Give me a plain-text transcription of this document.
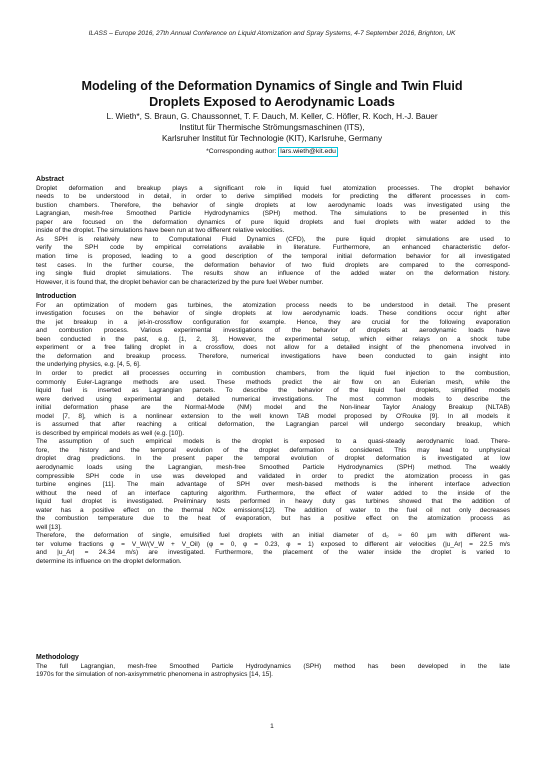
ILASS – Europe 2016, 27th Annual Conference on Liquid Atomization and Spray Systems, 4-7 September 2016, Brighton, UK
Modeling of the Deformation Dynamics of Single and Twin Fluid
Droplets Exposed to Aerodynamic Loads
L. Wieth*, S. Braun, G. Chaussonnet, T. F. Dauch, M. Keller, C. Höfler, R. Koch, H.-J. Bauer
Institut für Thermische Strömungsmaschinen (ITS),
Karlsruher Institut für Technologie (KIT), Karlsruhe, Germany
*Corresponding author: lars.wieth@kit.edu

Abstract

Droplet deformation and breakup plays a significant role in liquid fuel atomization processes. The droplet behavior
needs to be understood in detail, in order to derive simplified models for predicting the different processes in com-
bustion chambers. Therefore, the behavior of single droplets at low aerodynamic loads was investigated using the
Lagrangian, mesh-free Smoothed Particle Hydrodynamics (SPH) method. The simulations to be presented in this
paper are focused on the deformation dynamics of pure liquid droplets and fuel droplets with water added to the
inside of the droplet. The simulations have been run at two different relative velocities.
As SPH is relatively new to Computational Fluid Dynamics (CFD), the pure liquid droplet simulations are used to
verify the SPH code by empirical correlations available in literature. Furthermore, an enhanced characteristic defor-
mation time is proposed, leading to a good description of the temporal initial deformation behavior for all investigated
test cases. In the further course, the deformation behavior of two fluid droplets are compared to the correspond-
ing single fluid droplet simulations. The results show an influence of the added water on the deformation history.
However, it is found that, the droplet behavior can be characterized by the pure fuel Weber number.

Introduction

For an optimization of modern gas turbines, the atomization process needs to be understood in detail. The present
investigation focuses on the behavior of single droplets at low aerodynamic loads. These conditions occur right after
the jet breakup in a jet-in-crossflow configuration for example. Hence, they are crucial for the following evaporation
and combustion process. Various experimental investigations of the behavior of droplets at aerodynamic loads have
been conducted in the past, e.g. [1, 2, 3]. However, the experimental setup, which either relays on a shock tube
experiment or a free falling droplet in a crossflow, does not allow for a detailed insight of the phenomena involved in
the deformation and breakup process. Therefore, numerical investigations have been conducted to gain insight into
the underlying physics, e.g. [4, 5, 6].
In order to predict all processes occurring in combustion chambers, from the liquid fuel injection to the combustion,
commonly Euler-Lagrange methods are used. These methods predict the air flow on an Eulerian mesh, while the
liquid fuel is inserted as Lagrangian parcels. To describe the behavior of the liquid fuel droplets, simplified models
were derived using experimental and detailed numerical investigations. The most common models to describe the
initial deformation phase are the Normal-Mode (NM) model and the Non-linear Taylor Analogy Breakup (NLTAB)
model [7, 8], which is a nonlinear extension to the well known TAB model proposed by O'Rouke [9]. In all models it
is assumed that after reaching a critical deformation, the Lagrangian parcel will undergo secondary breakup, which
is described by empirical models as well (e.g. [10]).
The assumption of such empirical models is the droplet is exposed to a quasi-steady aerodynamic load. There-
fore, the history and the temporal evolution of the droplet deformation is considered. This may lead to unphysical
droplet drag predictions. In the present paper the temporal evolution of droplet deformation is investigated at low
aerodynamic loads using the Lagrangian, mesh-free Smoothed Particle Hydrodynamics (SPH) method. The weakly
compressible SPH code in use was developed and validated in order to predict the atomization process in gas
turbine engines [11]. The main advantage of SPH over mesh-based methods is the inherent interface advection
without the need of an interface capturing algorithm. Furthermore, the effect of water added to the inside of the
liquid fuel droplet is investigated. Preliminary tests performed in heavy duty gas turbines showed that the addition of
water has a positive effect on the thermal NOx emissions[12]. The addition of water to the fuel oil not only decreases
the combustion temperature due to the heat of evaporation, but has a positive effect on the atomization process as
well [13].
Therefore, the deformation of single, emulsified fuel droplets with an initial diameter of d₀ ≈ 60 μm with different wa-
ter volume fractions φ = V_W/(V_W + V_Oil) (φ = 0, φ = 0.23, φ = 1) exposed to different air velocities (|u_Ar| = 22.5 m/s
and |u_Ar| = 24.34 m/s) are investigated. Furthermore, the placement of the water inside the droplet is varied to
determine its influence on the droplet deformation.

Methodology

The full Lagrangian, mesh-free Smoothed Particle Hydrodynamics (SPH) method has been developed in the late
1970s for the simulation of non-axisymmetric phenomena in astrophysics [14, 15].
1
